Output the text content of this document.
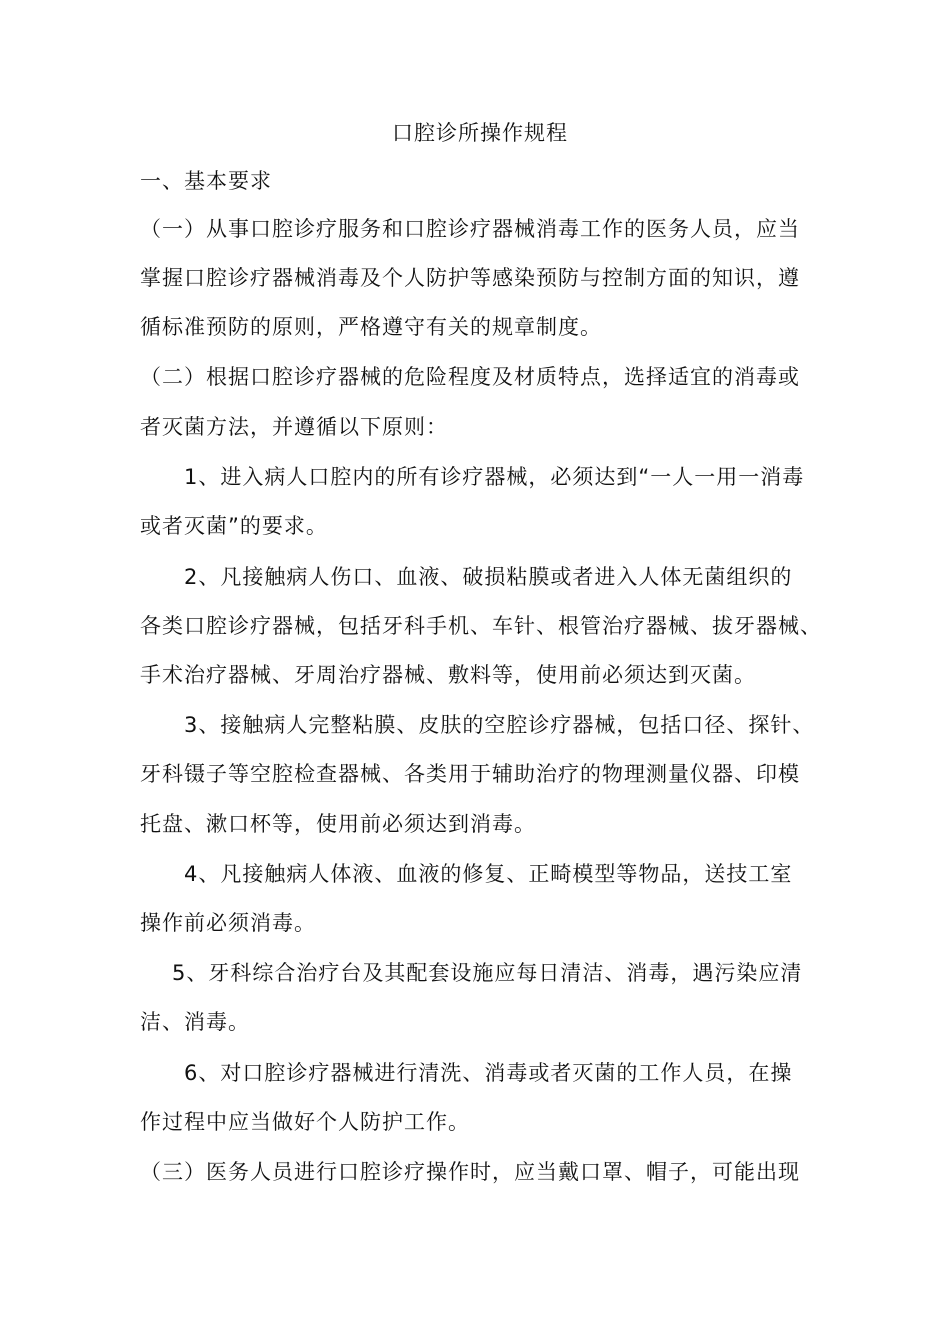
口腔诊所操作规程
一、基本要求
（一）从事口腔诊疗服务和口腔诊疗器械消毒工作的医务人员，应当
掌握口腔诊疗器械消毒及个人防护等感染预防与控制方面的知识，遵
循标准预防的原则，严格遵守有关的规章制度。
（二）根据口腔诊疗器械的危险程度及材质特点，选择适宜的消毒或
者灭菌方法，并遵循以下原则：
1、进入病人口腔内的所有诊疗器械，必须达到“一人一用一消毒
或者灭菌”的要求。
2、凡接触病人伤口、血液、破损粘膜或者进入人体无菌组织的
各类口腔诊疗器械，包括牙科手机、车针、根管治疗器械、拔牙器械、
手术治疗器械、牙周治疗器械、敷料等，使用前必须达到灭菌。
3、接触病人完整粘膜、皮肤的空腔诊疗器械，包括口径、探针、
牙科镊子等空腔检查器械、各类用于辅助治疗的物理测量仪器、印模
托盘、漱口杯等，使用前必须达到消毒。
4、凡接触病人体液、血液的修复、正畸模型等物品，送技工室
操作前必须消毒。
5、牙科综合治疗台及其配套设施应每日清洁、消毒，遇污染应清
洁、消毒。
6、对口腔诊疗器械进行清洗、消毒或者灭菌的工作人员，在操
作过程中应当做好个人防护工作。
（三）医务人员进行口腔诊疗操作时，应当戴口罩、帽子，可能出现
